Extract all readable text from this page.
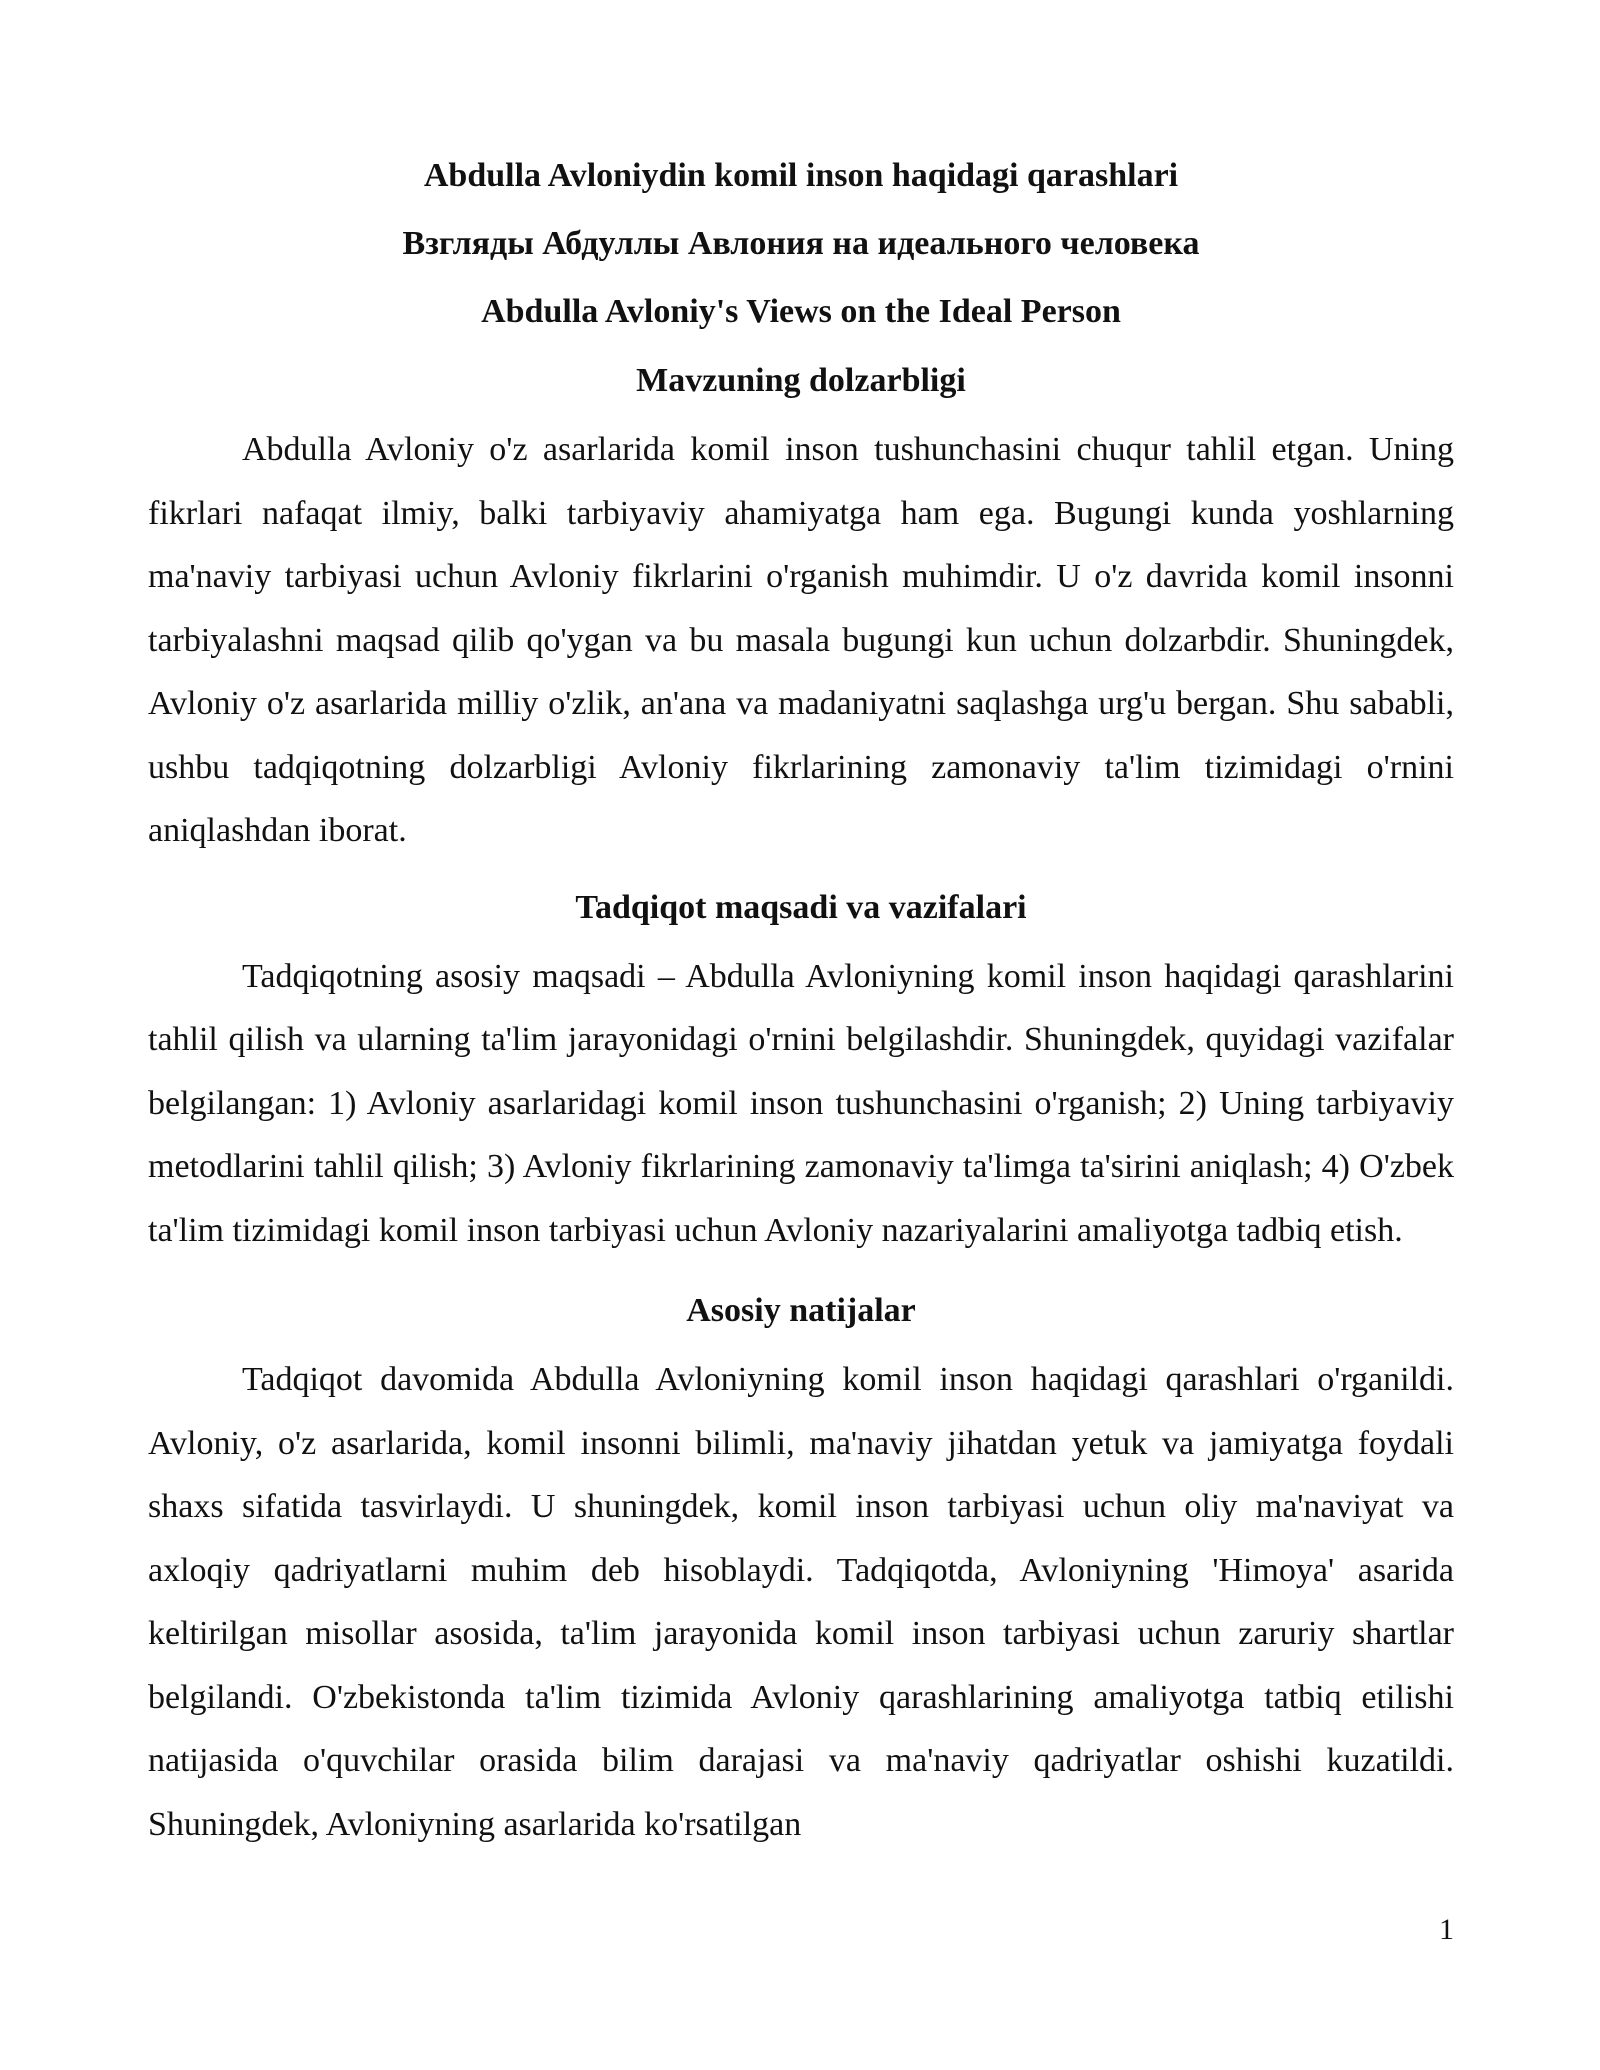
Abdulla Avloniydin komil inson haqidagi qarashlari

Взгляды Абдуллы Авлония на идеального человека

Abdulla Avloniy's Views on the Ideal Person

Mavzuning dolzarbligi

Abdulla Avloniy o'z asarlarida komil inson tushunchasini chuqur tahlil etgan. Uning fikrlari nafaqat ilmiy, balki tarbiyaviy ahamiyatga ham ega. Bugungi kunda yoshlarning ma'naviy tarbiyasi uchun Avloniy fikrlarini o'rganish muhimdir. U o'z davrida komil insonni tarbiyalashni maqsad qilib qo'ygan va bu masala bugungi kun uchun dolzarbdir. Shuningdek, Avloniy o'z asarlarida milliy o'zlik, an'ana va madaniyatni saqlashga urg'u bergan. Shu sababli, ushbu tadqiqotning dolzarbligi Avloniy fikrlarining zamonaviy ta'lim tizimidagi o'rnini aniqlashdan iborat.

Tadqiqot maqsadi va vazifalari

Tadqiqotning asosiy maqsadi – Abdulla Avloniyning komil inson haqidagi qarashlarini tahlil qilish va ularning ta'lim jarayonidagi o'rnini belgilashdir. Shuningdek, quyidagi vazifalar belgilangan: 1) Avloniy asarlaridagi komil inson tushunchasini o'rganish; 2) Uning tarbiyaviy metodlarini tahlil qilish; 3) Avloniy fikrlarining zamonaviy ta'limga ta'sirini aniqlash; 4) O'zbek ta'lim tizimidagi komil inson tarbiyasi uchun Avloniy nazariyalarini amaliyotga tadbiq etish.

Asosiy natijalar

Tadqiqot davomida Abdulla Avloniyning komil inson haqidagi qarashlari o'rganildi. Avloniy, o'z asarlarida, komil insonni bilimli, ma'naviy jihatdan yetuk va jamiyatga foydali shaxs sifatida tasvirlaydi. U shuningdek, komil inson tarbiyasi uchun oliy ma'naviyat va axloqiy qadriyatlarni muhim deb hisoblaydi. Tadqiqotda, Avloniyning 'Himoya' asarida keltirilgan misollar asosida, ta'lim jarayonida komil inson tarbiyasi uchun zaruriy shartlar belgilandi. O'zbekistonda ta'lim tizimida Avloniy qarashlarining amaliyotga tatbiq etilishi natijasida o'quvchilar orasida bilim darajasi va ma'naviy qadriyatlar oshishi kuzatildi. Shuningdek, Avloniyning asarlarida ko'rsatilgan

1
